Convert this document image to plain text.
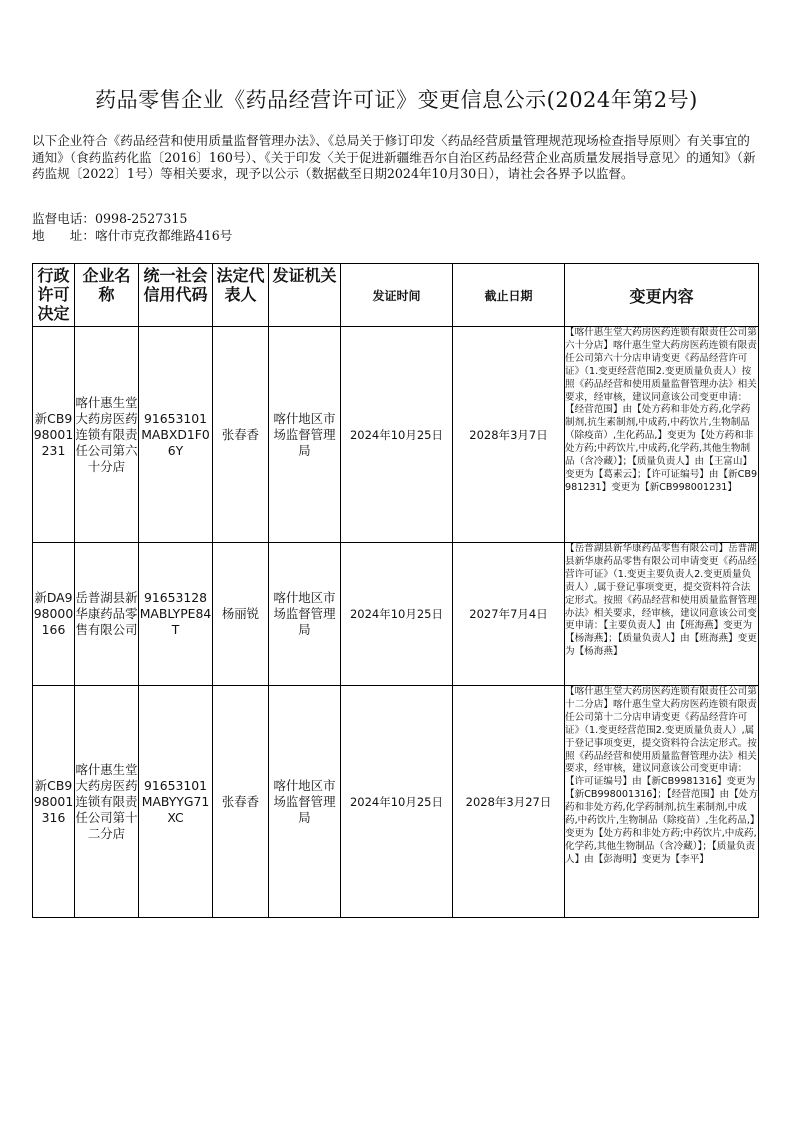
药品零售企业《药品经营许可证》变更信息公示(2024年第2号)

以下企业符合《药品经营和使用质量监督管理办法》、《总局关于修订印发〈药品经营质量管理规范现场检查指导原则〉有关事宜的通知》（食药监药化监〔2016〕160号）、《关于印发〈关于促进新疆维吾尔自治区药品经营企业高质量发展指导意见〉的通知》（新药监规〔2022〕1号）等相关要求，现予以公示（数据截至日期2024年10月30日），请社会各界予以监督。

监督电话：0998-2527315
地　　址：喀什市克孜都维路416号
行政许可决定	企业名称	统一社会信用代码	法定代表人	发证机关	发证时间	截止日期	变更内容
新CB998001231	喀什惠生堂大药房医药连锁有限责任公司第六十分店	91653101MABXD1F06Y	张春香	喀什地区市场监督管理局	2024年10月25日	2028年3月7日	【喀什惠生堂大药房医药连锁有限责任公司第六十分店】喀什惠生堂大药房医药连锁有限责任公司第六十分店申请变更《药品经营许可证》（1.变更经营范围2.变更质量负责人）按照《药品经营和使用质量监督管理办法》相关要求，经审核，建议同意该公司变更申请：【经营范围】由【处方药和非处方药,化学药制剂,抗生素制剂,中成药,中药饮片,生物制品（除疫苗）,生化药品,】变更为【处方药和非处方药;中药饮片,中成药,化学药,其他生物制品（含冷藏）】；【质量负责人】由【王富山】变更为【葛素云】；【许可证编号】由【新CB9981231】变更为【新CB998001231】

新DA998000166	岳普湖县新华康药品零售有限公司	91653128MABLYPE84T	杨丽锐	喀什地区市场监督管理局	2024年10月25日	2027年7月4日	【岳普湖县新华康药品零售有限公司】岳普湖县新华康药品零售有限公司申请变更《药品经营许可证》（1.变更主要负责人2.变更质量负责人）,属于登记事项变更，提交资料符合法定形式。按照《药品经营和使用质量监督管理办法》相关要求，经审核，建议同意该公司变更申请：【主要负责人】由【班海燕】变更为【杨海燕】；【质量负责人】由【班海燕】变更为【杨海燕】

新CB998001316	喀什惠生堂大药房医药连锁有限责任公司第十二分店	91653101MABYYG71XC	张春香	喀什地区市场监督管理局	2024年10月25日	2028年3月27日	【喀什惠生堂大药房医药连锁有限责任公司第十二分店】喀什惠生堂大药房医药连锁有限责任公司第十二分店申请变更《药品经营许可证》（1.变更经营范围2.变更质量负责人）,属于登记事项变更，提交资料符合法定形式。按照《药品经营和使用质量监督管理办法》相关要求，经审核，建议同意该公司变更申请：【许可证编号】由【新CB9981316】变更为【新CB998001316】；【经营范围】由【处方药和非处方药,化学药制剂,抗生素制剂,中成药,中药饮片,生物制品（除疫苗）,生化药品,】变更为【处方药和非处方药;中药饮片,中成药,化学药,其他生物制品（含冷藏）】；【质量负责人】由【彭海明】变更为【李平】
